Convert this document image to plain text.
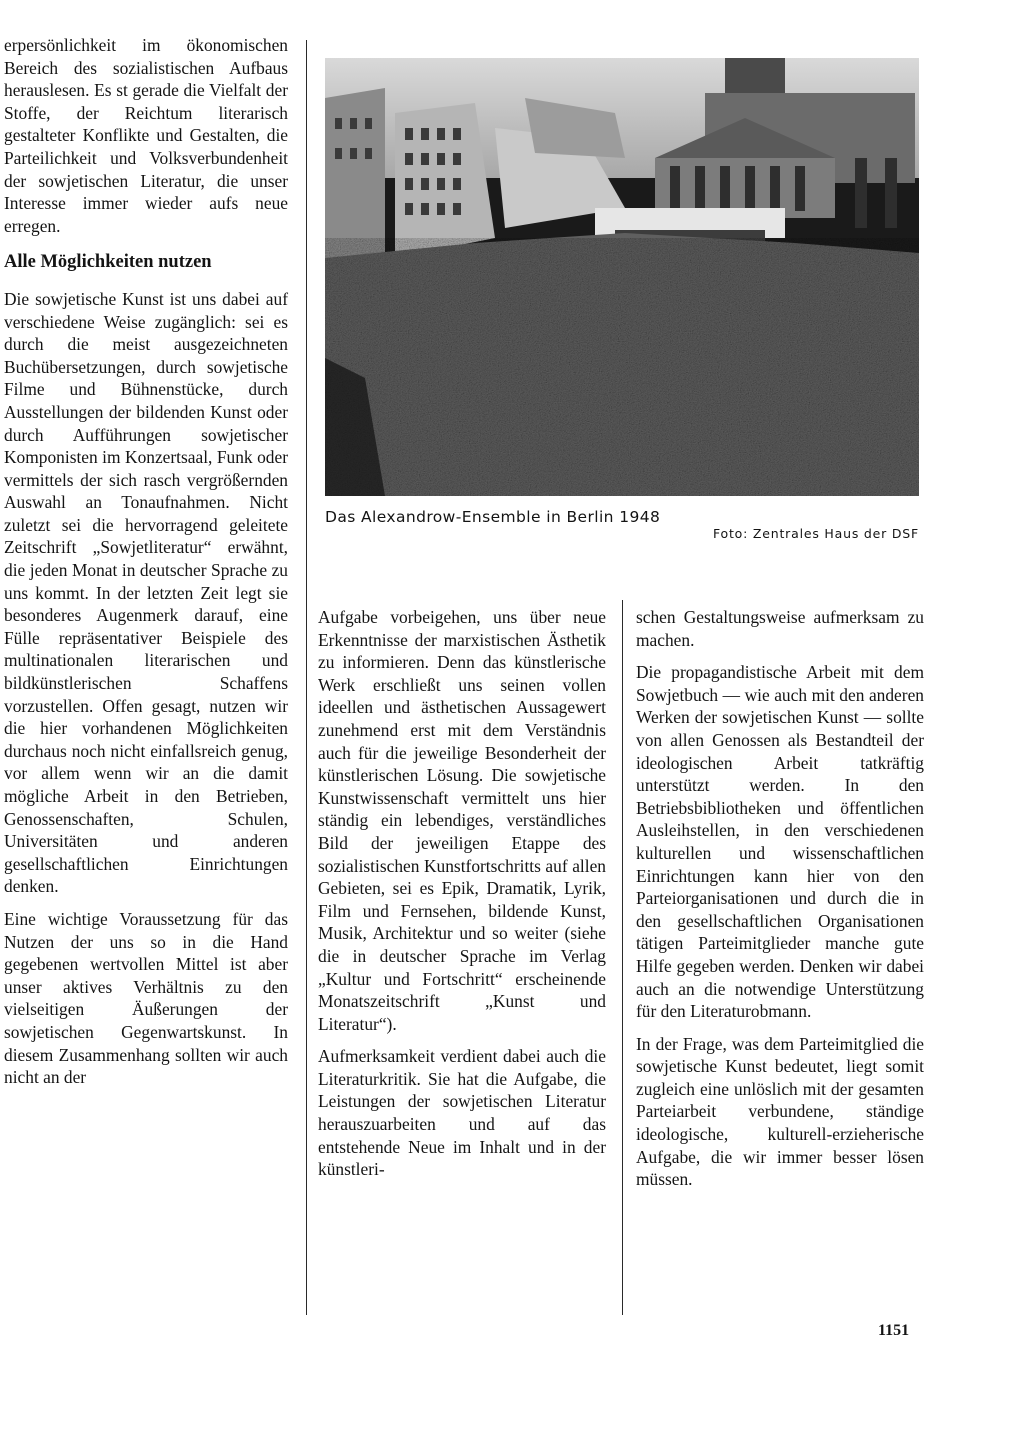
erpersönlichkeit im ökonomischen Bereich des sozialistischen Aufbaus herauslesen. Es st gerade die Vielfalt der Stoffe, der Reichtum literarisch gestalteter Konflikte und Gestalten, die Parteilichkeit und Volksverbundenheit der sowjetischen Literatur, die unser Interesse immer wieder aufs neue erregen.

Alle Möglichkeiten nutzen

Die sowjetische Kunst ist uns dabei auf verschiedene Weise zugänglich: sei es durch die meist ausgezeichneten Buchübersetzungen, durch sowjetische Filme und Bühnenstücke, durch Ausstellungen der bildenden Kunst oder durch Aufführungen sowjetischer Komponisten im Konzertsaal, Funk oder vermittels der sich rasch vergrößernden Auswahl an Tonaufnahmen. Nicht zuletzt sei die hervorragend geleitete Zeitschrift „Sowjetliteratur“ erwähnt, die jeden Monat in deutscher Sprache zu uns kommt. In der letzten Zeit legt sie besonderes Augenmerk darauf, eine Fülle repräsentativer Beispiele des multinationalen literarischen und bildkünstlerischen Schaffens vorzustellen. Offen gesagt, nutzen wir die hier vorhandenen Möglichkeiten durchaus noch nicht einfallsreich genug, vor allem wenn wir an die damit mögliche Arbeit in den Betrieben, Genossenschaften, Schulen, Universitäten und anderen gesellschaftlichen Einrichtungen denken.

Eine wichtige Voraussetzung für das Nutzen der uns so in die Hand gegebenen wertvollen Mittel ist aber unser aktives Verhältnis zu den vielseitigen Äußerungen der sowjetischen Gegenwartskunst. In diesem Zusammenhang sollten wir auch nicht an der

Das Alexandrow-Ensemble in Berlin 1948
Foto: Zentrales Haus der DSF

Aufgabe vorbeigehen, uns über neue Erkenntnisse der marxistischen Ästhetik zu informieren. Denn das künstlerische Werk erschließt uns seinen vollen ideellen und ästhetischen Aussagewert zunehmend erst mit dem Verständnis auch für die jeweilige Besonderheit der künstlerischen Lösung. Die sowjetische Kunstwissenschaft vermittelt uns hier ständig ein lebendiges, verständliches Bild der jeweiligen Etappe des sozialistischen Kunstfortschritts auf allen Gebieten, sei es Epik, Dramatik, Lyrik, Film und Fernsehen, bildende Kunst, Musik, Architektur und so weiter (siehe die in deutscher Sprache im Verlag „Kultur und Fortschritt“ erscheinende Monatszeitschrift „Kunst und Literatur“).

Aufmerksamkeit verdient dabei auch die Literaturkritik. Sie hat die Aufgabe, die Leistungen der sowjetischen Literatur herauszuarbeiten und auf das entstehende Neue im Inhalt und in der künstleri-

schen Gestaltungsweise aufmerksam zu machen.

Die propagandistische Arbeit mit dem Sowjetbuch — wie auch mit den anderen Werken der sowjetischen Kunst — sollte von allen Genossen als Bestandteil der ideologischen Arbeit tatkräftig unterstützt werden. In den Betriebsbibliotheken und öffentlichen Ausleihstellen, in den verschiedenen kulturellen und wissenschaftlichen Einrichtungen kann hier von den Parteiorganisationen und durch die in den gesellschaftlichen Organisationen tätigen Parteimitglieder manche gute Hilfe gegeben werden. Denken wir dabei auch an die notwendige Unterstützung für den Literaturobmann.

In der Frage, was dem Parteimitglied die sowjetische Kunst bedeutet, liegt somit zugleich eine unlöslich mit der gesamten Parteiarbeit verbundene, ständige ideologische, kulturell-erzieherische Aufgabe, die wir immer besser lösen müssen.

1151
